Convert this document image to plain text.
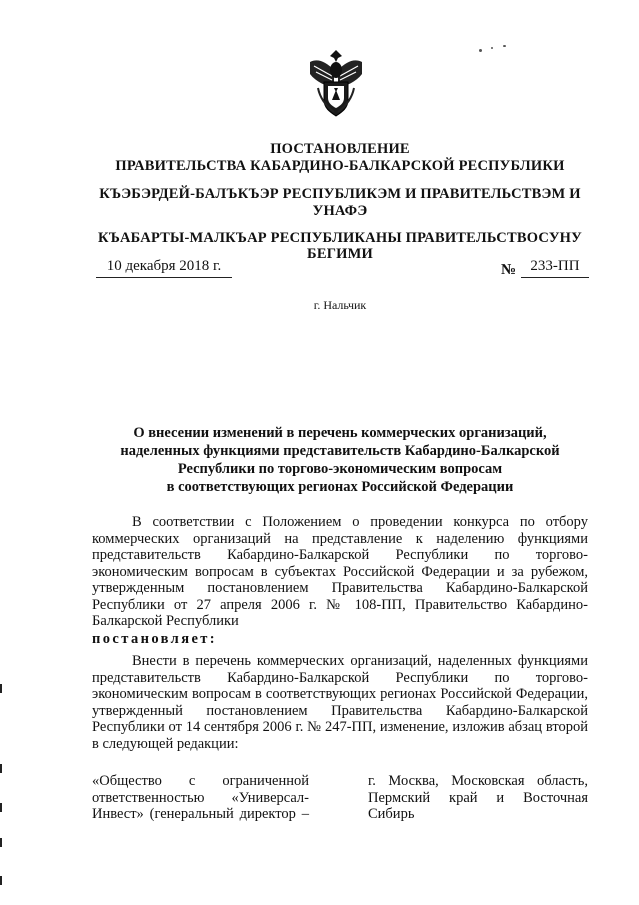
ПОСТАНОВЛЕНИЕ
ПРАВИТЕЛЬСТВА КАБАРДИНО-БАЛКАРСКОЙ РЕСПУБЛИКИ
КЪЭБЭРДЕЙ-БАЛЪКЪЭР РЕСПУБЛИКЭМ И ПРАВИТЕЛЬСТВЭМ И
УНАФЭ
КЪАБАРТЫ-МАЛКЪАР РЕСПУБЛИКАНЫ ПРАВИТЕЛЬСТВОСУНУ
БЕГИМИ
10 декабря 2018 г.	№ 233-ПП
г. Нальчик
О внесении изменений в перечень коммерческих организаций,
наделенных функциями представительств Кабардино-Балкарской
Республики по торгово-экономическим вопросам
в соответствующих регионах Российской Федерации
В соответствии с Положением о проведении конкурса по отбору коммерческих организаций на представление к наделению функциями представительств Кабардино-Балкарской Республики по торгово-экономическим вопросам в субъектах Российской Федерации и за рубежом, утвержденным постановлением Правительства Кабардино-Балкарской Республики от 27 апреля 2006 г. № 108-ПП, Правительство Кабардино-Балкарской Республики
постановляет:
Внести в перечень коммерческих организаций, наделенных функциями представительств Кабардино-Балкарской Республики по торгово-экономическим вопросам в соответствующих регионах Российской Федерации, утвержденный постановлением Правительства Кабардино-Балкарской Республики от 14 сентября 2006 г. № 247-ПП, изменение, изложив абзац второй в следующей редакции:
«Общество с ограниченной ответственностью «Универсал-Инвест» (генеральный директор –
г. Москва, Московская область, Пермский край и Восточная Сибирь
